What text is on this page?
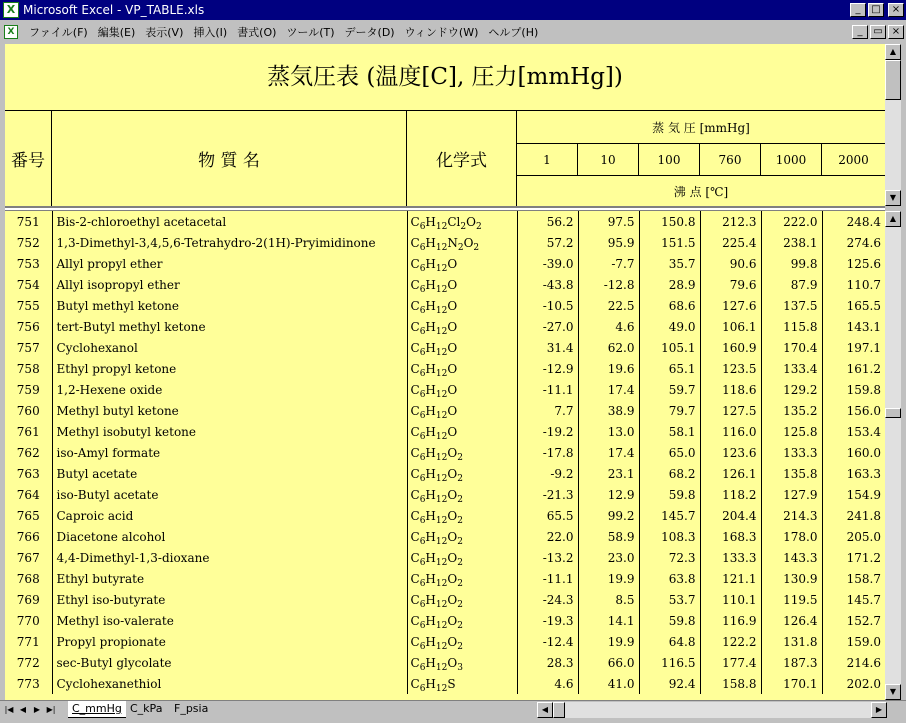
X Microsoft Excel - VP_TABLE.xls	_	□	×
X	ファイル(F) 編集(E) 表示(V) 挿入(I) 書式(O) ツール(T) データ(D) ウィンドウ(W) ヘルプ(H)	_	▭ ×
蒸気圧表 (温度[C], 圧力[mmHg])
番号	物 質 名	化学式
蒸 気 圧 [mmHg]
1	10	100	760	1000	2000
沸 点 [℃]
751	Bis-2-chloroethyl acetacetal	$C_6H_{12}Cl_2O_2$	56.2	97.5	150.8	212.3	222.0	248.4
752	1,3-Dimethyl-3,4,5,6-Tetrahydro-2(1H)-Pryimidinone	$C_6H_{12}N_2O_2$	57.2	95.9	151.5	225.4	238.1	274.6
753	Allyl propyl ether	$C_6H_{12}O$	-39.0	-7.7	35.7	90.6	99.8	125.6
754	Allyl isopropyl ether	$C_6H_{12}O$	-43.8	-12.8	28.9	79.6	87.9	110.7
755	Butyl methyl ketone	$C_6H_{12}O$	-10.5	22.5	68.6	127.6	137.5	165.5
756	tert-Butyl methyl ketone	$C_6H_{12}O$	-27.0	4.6	49.0	106.1	115.8	143.1
757	Cyclohexanol	$C_6H_{12}O$	31.4	62.0	105.1	160.9	170.4	197.1
758	Ethyl propyl ketone	$C_6H_{12}O$	-12.9	19.6	65.1	123.5	133.4	161.2
759	1,2-Hexene oxide	$C_6H_{12}O$	-11.1	17.4	59.7	118.6	129.2	159.8
760	Methyl butyl ketone	$C_6H_{12}O$	7.7	38.9	79.7	127.5	135.2	156.0
761	Methyl isobutyl ketone	$C_6H_{12}O$	-19.2	13.0	58.1	116.0	125.8	153.4
762	iso-Amyl formate	$C_6H_{12}O_2$	-17.8	17.4	65.0	123.6	133.3	160.0
763	Butyl acetate	$C_6H_{12}O_2$	-9.2	23.1	68.2	126.1	135.8	163.3
764	iso-Butyl acetate	$C_6H_{12}O_2$	-21.3	12.9	59.8	118.2	127.9	154.9
765	Caproic acid	$C_6H_{12}O_2$	65.5	99.2	145.7	204.4	214.3	241.8
766	Diacetone alcohol	$C_6H_{12}O_2$	22.0	58.9	108.3	168.3	178.0	205.0
767	4,4-Dimethyl-1,3-dioxane	$C_6H_{12}O_2$	-13.2	23.0	72.3	133.3	143.3	171.2
768	Ethyl butyrate	$C_6H_{12}O_2$	-11.1	19.9	63.8	121.1	130.9	158.7
769	Ethyl iso-butyrate	$C_6H_{12}O_2$	-24.3	8.5	53.7	110.1	119.5	145.7
770	Methyl iso-valerate	$C_6H_{12}O_2$	-19.3	14.1	59.8	116.9	126.4	152.7
771	Propyl propionate	$C_6H_{12}O_2$	-12.4	19.9	64.8	122.2	131.8	159.0
772	sec-Butyl glycolate	$C_6H_{12}O_3$	28.3	66.0	116.5	177.4	187.3	214.6
773	Cyclohexanethiol	$C_6H_{12}S$	4.6	41.0	92.4	158.8	170.1	202.0
▲
▼
▲
▼
|◀ ◀ ▶ ▶|	C_mmHg C_kPa	F_psia	◀	▶
